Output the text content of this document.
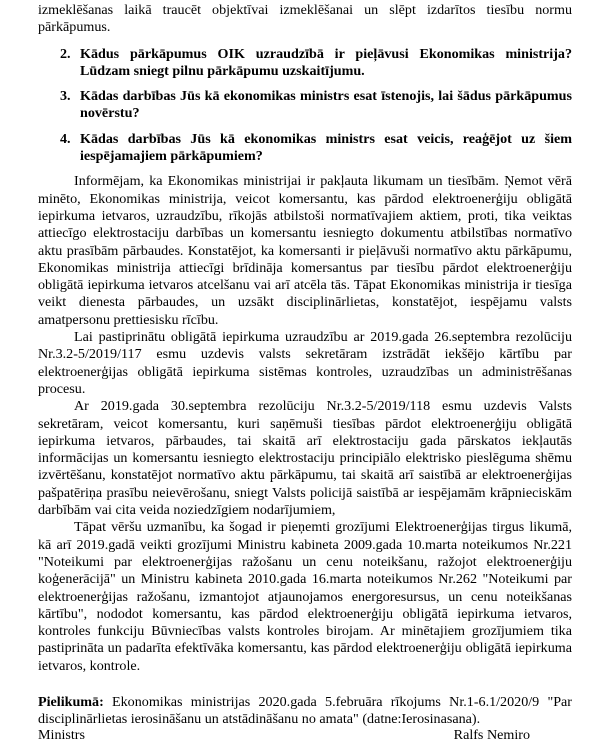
izmeklēšanas laikā traucēt objektīvai izmeklēšanai un slēpt izdarītos tiesību normu pārkāpumus.

2. Kādus pārkāpumus OIK uzraudzībā ir pieļāvusi Ekonomikas ministrija? Lūdzam sniegt pilnu pārkāpumu uzskaitījumu.
3. Kādas darbības Jūs kā ekonomikas ministrs esat īstenojis, lai šādus pārkāpumus novērstu?
4. Kādas darbības Jūs kā ekonomikas ministrs esat veicis, reaģējot uz šiem iespējamajiem pārkāpumiem?

Informējam, ka Ekonomikas ministrijai ir pakļauta likumam un tiesībām. Ņemot vērā minēto, Ekonomikas ministrija, veicot komersantu, kas pārdod elektroenerģiju obligātā iepirkuma ietvaros, uzraudzību, rīkojās atbilstoši normatīvajiem aktiem, proti, tika veiktas attiecīgo elektrostaciju darbības un komersantu iesniegto dokumentu atbilstības normatīvo aktu prasībām pārbaudes. Konstatējot, ka komersanti ir pieļāvuši normatīvo aktu pārkāpumu, Ekonomikas ministrija attiecīgi brīdināja komersantus par tiesību pārdot elektroenerģiju obligātā iepirkuma ietvaros atcelšanu vai arī atcēla tās. Tāpat Ekonomikas ministrija ir tiesīga veikt dienesta pārbaudes, un uzsākt disciplinārlietas, konstatējot, iespējamu valsts amatpersonu prettiesisku rīcību.

Lai pastiprinātu obligātā iepirkuma uzraudzību ar 2019.gada 26.septembra rezolūciju Nr.3.2-5/2019/117 esmu uzdevis valsts sekretāram izstrādāt iekšējo kārtību par elektroenerģijas obligātā iepirkuma sistēmas kontroles, uzraudzības un administrēšanas procesu.

Ar 2019.gada 30.septembra rezolūciju Nr.3.2-5/2019/118 esmu uzdevis Valsts sekretāram, veicot komersantu, kuri saņēmuši tiesības pārdot elektroenerģiju obligātā iepirkuma ietvaros, pārbaudes, tai skaitā arī elektrostaciju gada pārskatos iekļautās informācijas un komersantu iesniegto elektrostaciju principiālo elektrisko pieslēguma shēmu izvērtēšanu, konstatējot normatīvo aktu pārkāpumu, tai skaitā arī saistībā ar elektroenerģijas pašpatēriņa prasību neievērošanu, sniegt Valsts policijā saistībā ar iespējamām krāpnieciskām darbībām vai cita veida noziedzīgiem nodarījumiem,

Tāpat vēršu uzmanību, ka šogad ir pieņemti grozījumi Elektroenerģijas tirgus likumā, kā arī 2019.gadā veikti grozījumi Ministru kabineta 2009.gada 10.marta noteikumos Nr.221 "Noteikumi par elektroenerģijas ražošanu un cenu noteikšanu, ražojot elektroenerģiju koģenerācijā" un Ministru kabineta 2010.gada 16.marta noteikumos Nr.262 "Noteikumi par elektroenerģijas ražošanu, izmantojot atjaunojamos energoresursus, un cenu noteikšanas kārtību", nododot komersantu, kas pārdod elektroenerģiju obligātā iepirkuma ietvaros, kontroles funkciju Būvniecības valsts kontroles birojam. Ar minētajiem grozījumiem tika pastiprināta un padarīta efektīvāka komersantu, kas pārdod elektroenerģiju obligātā iepirkuma ietvaros, kontrole.

Pielikumā: Ekonomikas ministrijas 2020.gada 5.februāra rīkojums Nr.1-6.1/2020/9 "Par disciplinārlietas ierosināšanu un atstādināšanu no amata" (datne:Ierosinasana).

Ministrs	Ralfs Nemiro
